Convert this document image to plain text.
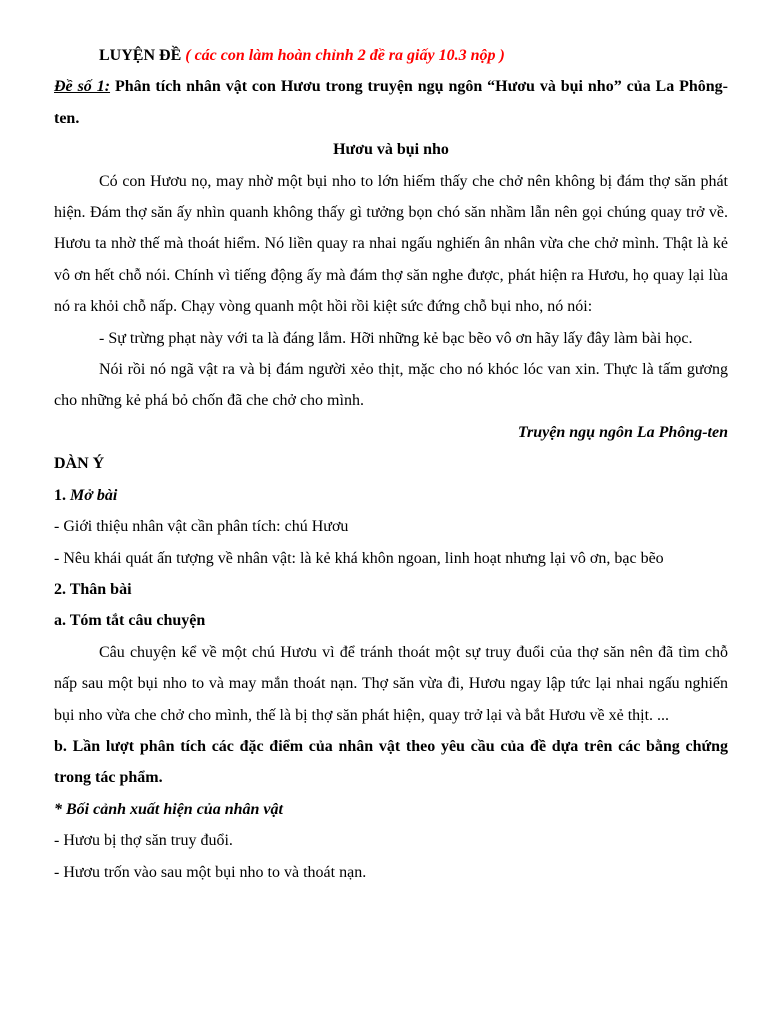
LUYỆN ĐỀ ( các con làm hoàn chỉnh 2 đề ra giấy 10.3 nộp )

Đề số 1: Phân tích nhân vật con Hươu trong truyện ngụ ngôn “Hươu và bụi nho” của La Phông-ten.

Hươu và bụi nho

Có con Hươu nọ, may nhờ một bụi nho to lớn hiếm thấy che chở nên không bị đám thợ săn phát hiện. Đám thợ săn ấy nhìn quanh không thấy gì tưởng bọn chó săn nhầm lẫn nên gọi chúng quay trở về. Hươu ta nhờ thế mà thoát hiểm. Nó liền quay ra nhai ngấu nghiến ân nhân vừa che chở mình. Thật là kẻ vô ơn hết chỗ nói. Chính vì tiếng động ấy mà đám thợ săn nghe được, phát hiện ra Hươu, họ quay lại lùa nó ra khỏi chỗ nấp. Chạy vòng quanh một hồi rồi kiệt sức đứng chỗ bụi nho, nó nói:

- Sự trừng phạt này với ta là đáng lắm. Hỡi những kẻ bạc bẽo vô ơn hãy lấy đây làm bài học.

Nói rồi nó ngã vật ra và bị đám người xẻo thịt, mặc cho nó khóc lóc van xin. Thực là tấm gương cho những kẻ phá bỏ chốn đã che chở cho mình.

Truyện ngụ ngôn La Phông-ten

DÀN Ý

1. Mở bài

- Giới thiệu nhân vật cần phân tích: chú Hươu

- Nêu khái quát ấn tượng về nhân vật: là kẻ khá khôn ngoan, linh hoạt nhưng lại vô ơn, bạc bẽo

2. Thân bài

a. Tóm tắt câu chuyện

Câu chuyện kể về một chú Hươu vì để tránh thoát một sự truy đuổi của thợ săn nên đã tìm chỗ nấp sau một bụi nho to và may mắn thoát nạn. Thợ săn vừa đi, Hươu ngay lập tức lại nhai ngấu nghiến bụi nho vừa che chở cho mình, thế là bị thợ săn phát hiện, quay trở lại và bắt Hươu về xẻ thịt. ...

b. Lần lượt phân tích các đặc điểm của nhân vật theo yêu cầu của đề dựa trên các bằng chứng trong tác phẩm.

* Bối cảnh xuất hiện của nhân vật

- Hươu bị thợ săn truy đuổi.

- Hươu trốn vào sau một bụi nho to và thoát nạn.
